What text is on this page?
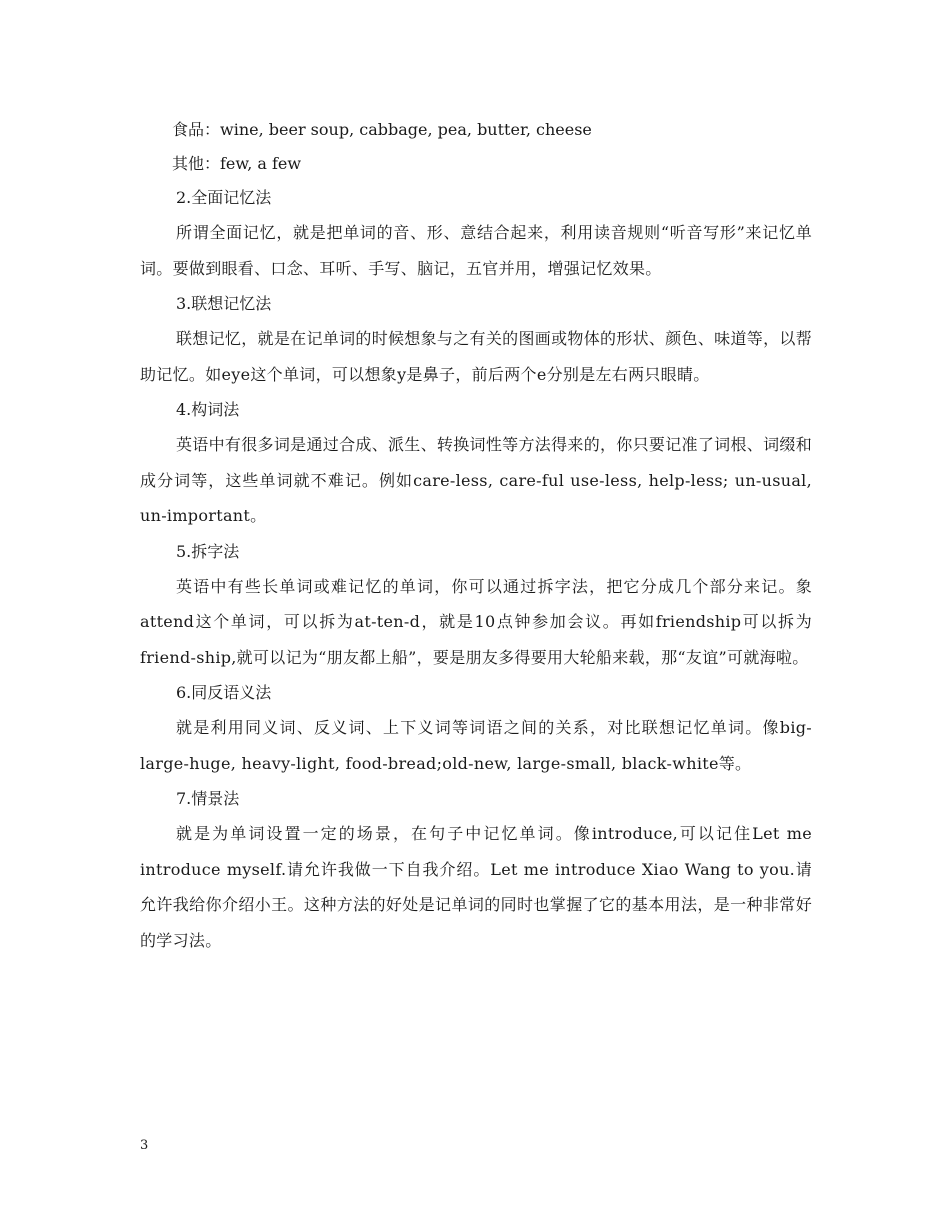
食品：wine, beer soup, cabbage, pea, butter, cheese

其他：few, a few

2.全面记忆法

所谓全面记忆，就是把单词的音、形、意结合起来，利用读音规则“听音写形”来记忆单词。要做到眼看、口念、耳听、手写、脑记，五官并用，增强记忆效果。

3.联想记忆法

联想记忆，就是在记单词的时候想象与之有关的图画或物体的形状、颜色、味道等，以帮助记忆。如eye这个单词，可以想象y是鼻子，前后两个e分别是左右两只眼睛。

4.构词法

英语中有很多词是通过合成、派生、转换词性等方法得来的，你只要记准了词根、词缀和成分词等，这些单词就不难记。例如care-less, care-ful use-less, help-less; un-usual, un-important。

5.拆字法

英语中有些长单词或难记忆的单词，你可以通过拆字法，把它分成几个部分来记。象attend这个单词，可以拆为at-ten-d，就是10点钟参加会议。再如friendship可以拆为friend-ship,就可以记为“朋友都上船”，要是朋友多得要用大轮船来载，那“友谊”可就海啦。

6.同反语义法

就是利用同义词、反义词、上下义词等词语之间的关系，对比联想记忆单词。像big-large-huge, heavy-light, food-bread;old-new, large-small, black-white等。

7.情景法

就是为单词设置一定的场景，在句子中记忆单词。像introduce,可以记住Let me introduce myself.请允许我做一下自我介绍。Let me introduce Xiao Wang to you.请允许我给你介绍小王。这种方法的好处是记单词的同时也掌握了它的基本用法，是一种非常好的学习法。

3
